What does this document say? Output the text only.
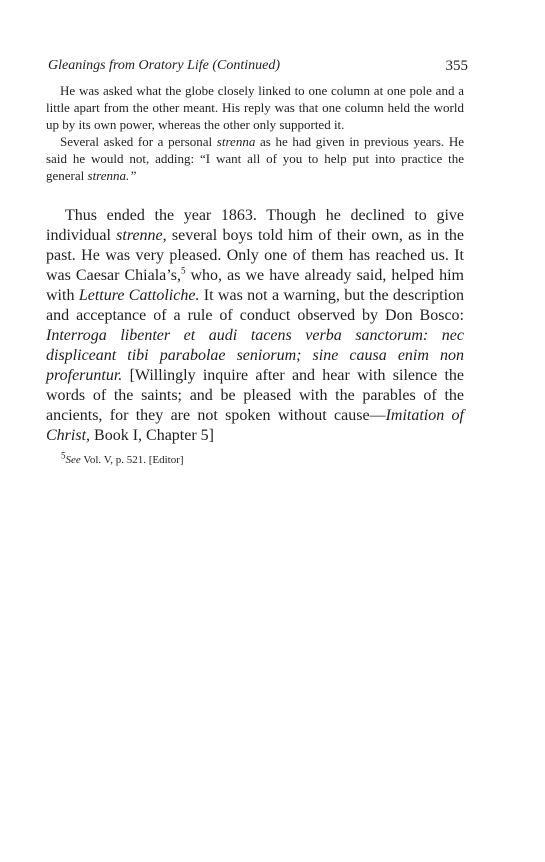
Gleanings from Oratory Life (Continued)	355

He was asked what the globe closely linked to one column at one pole and a little apart from the other meant. His reply was that one column held the world up by its own power, whereas the other only supported it.

Several asked for a personal strenna as he had given in previous years. He said he would not, adding: “I want all of you to help put into practice the general strenna.”

Thus ended the year 1863. Though he declined to give individual strenne, several boys told him of their own, as in the past. He was very pleased. Only one of them has reached us. It was Caesar Chiala’s,$^5$ who, as we have already said, helped him with Letture Cattoliche. It was not a warning, but the description and acceptance of a rule of conduct observed by Don Bosco: Interroga libenter et audi tacens verba sanctorum: nec displiceant tibi parabolae seniorum; sine causa enim non proferuntur. [Willingly inquire after and hear with silence the words of the saints; and be pleased with the parables of the ancients, for they are not spoken without cause—Imitation of Christ, Book I, Chapter 5]

$^5$See Vol. V, p. 521. [Editor]
